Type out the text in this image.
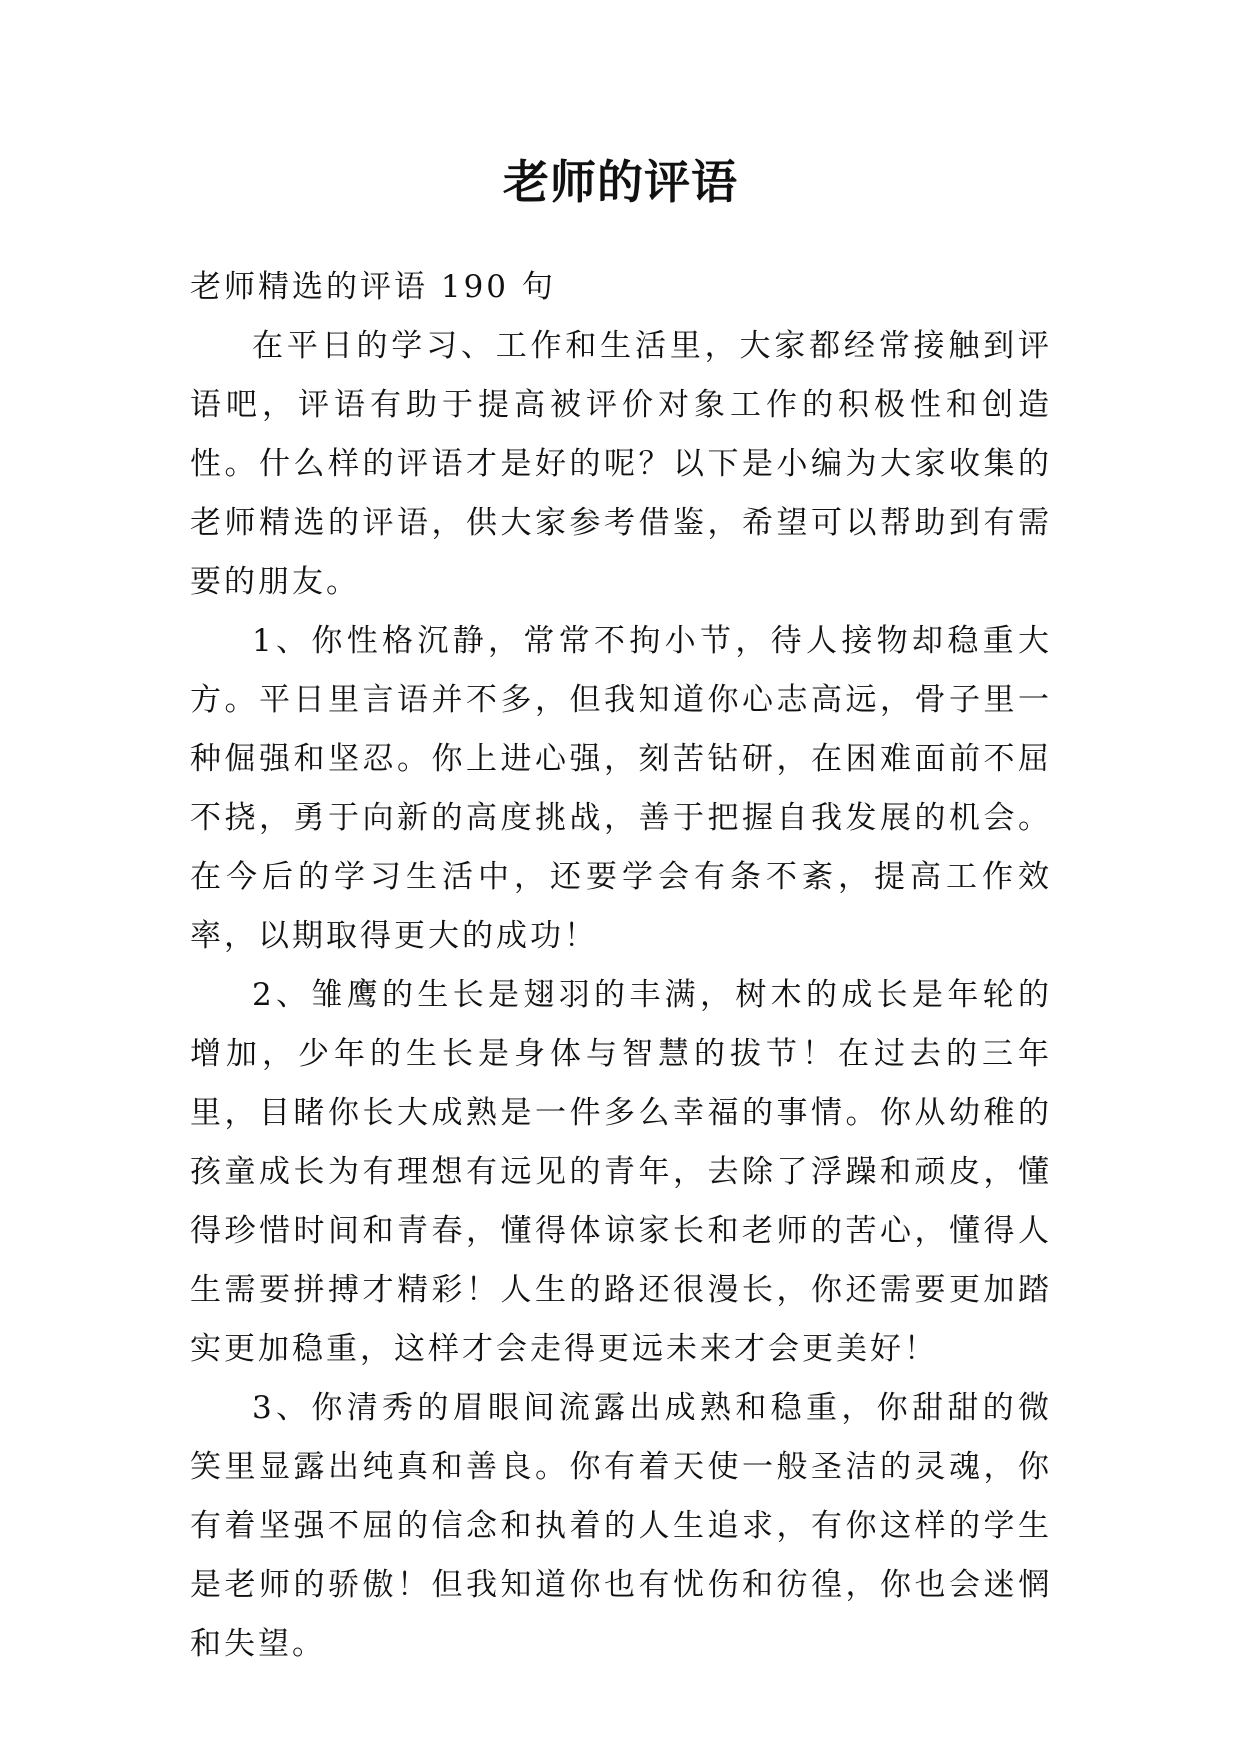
老师的评语

老师精选的评语 190 句

在平日的学习、工作和生活里，大家都经常接触到评语吧，评语有助于提高被评价对象工作的积极性和创造性。什么样的评语才是好的呢？以下是小编为大家收集的老师精选的评语，供大家参考借鉴，希望可以帮助到有需要的朋友。

1、你性格沉静，常常不拘小节，待人接物却稳重大方。平日里言语并不多，但我知道你心志高远，骨子里一种倔强和坚忍。你上进心强，刻苦钻研，在困难面前不屈不挠，勇于向新的高度挑战，善于把握自我发展的机会。在今后的学习生活中，还要学会有条不紊，提高工作效率，以期取得更大的成功！

2、雏鹰的生长是翅羽的丰满，树木的成长是年轮的增加，少年的生长是身体与智慧的拔节！在过去的三年里，目睹你长大成熟是一件多么幸福的事情。你从幼稚的孩童成长为有理想有远见的青年，去除了浮躁和顽皮，懂得珍惜时间和青春，懂得体谅家长和老师的苦心，懂得人生需要拼搏才精彩！人生的路还很漫长，你还需要更加踏实更加稳重，这样才会走得更远未来才会更美好！

3、你清秀的眉眼间流露出成熟和稳重，你甜甜的微笑里显露出纯真和善良。你有着天使一般圣洁的灵魂，你有着坚强不屈的信念和执着的人生追求，有你这样的学生是老师的骄傲！但我知道你也有忧伤和彷徨，你也会迷惘和失望。
